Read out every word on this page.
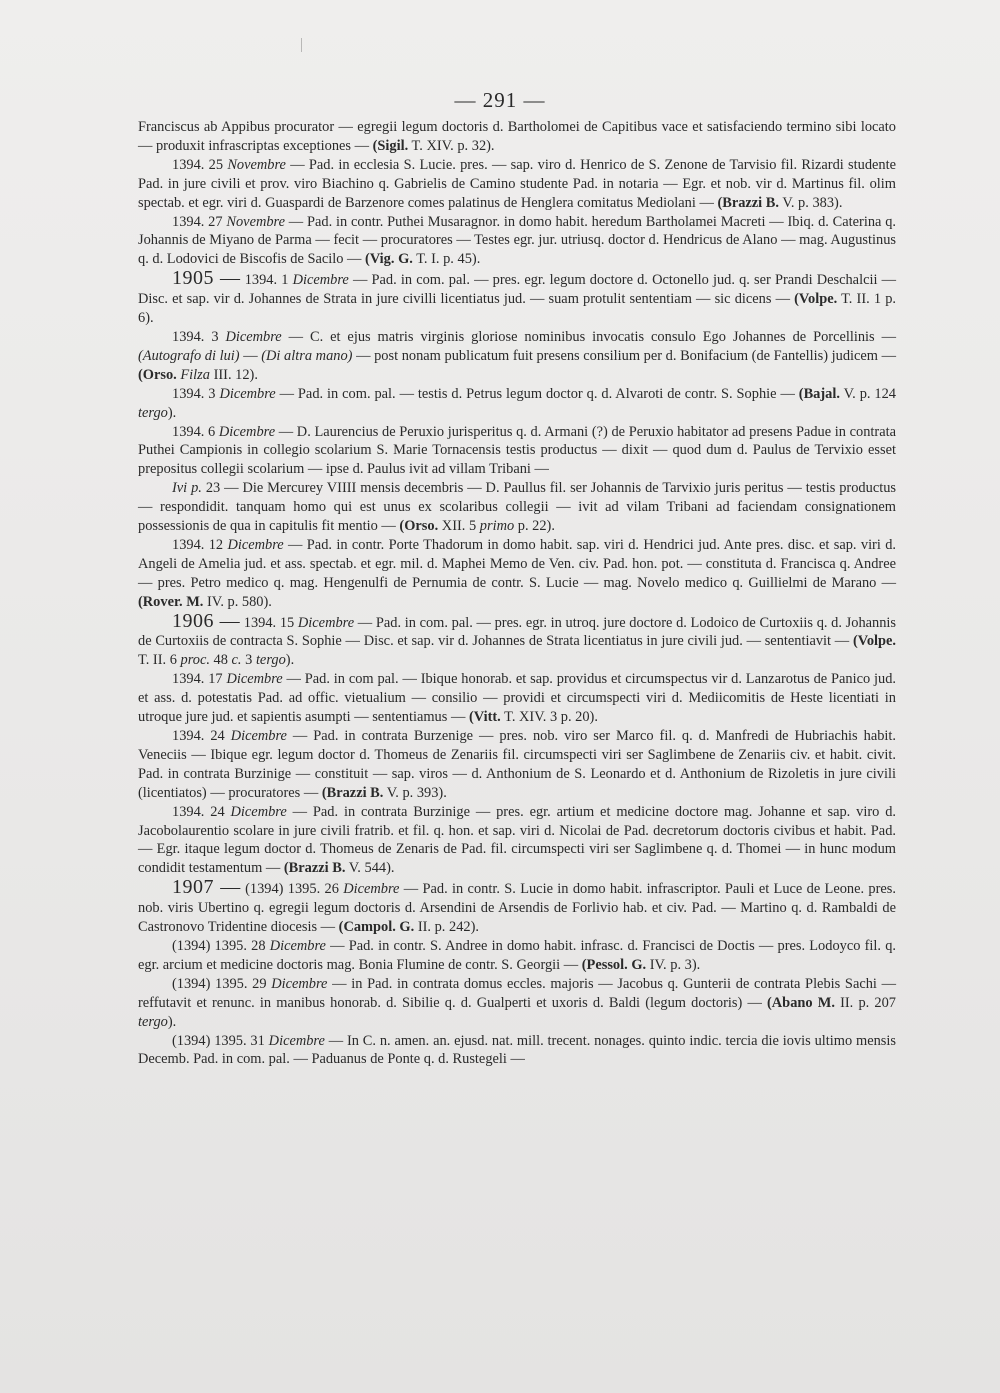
— 291 —

Franciscus ab Appibus procurator — egregii legum doctoris d. Bartholomei de Capitibus vace et satisfaciendo termino sibi locato — produxit infrascriptas exceptiones — (Sigil. T. XIV. p. 32).

1394. 25 Novembre — Pad. in ecclesia S. Lucie. pres. — sap. viro d. Henrico de S. Zenone de Tarvisio fil. Rizardi studente Pad. in jure civili et prov. viro Biachino q. Gabrielis de Camino studente Pad. in notaria — Egr. et nob. vir d. Martinus fil. olim spectab. et egr. viri d. Guaspardi de Barzenore comes palatinus de Henglera comitatus Mediolani — (Brazzi B. V. p. 383).

1394. 27 Novembre — Pad. in contr. Puthei Musaragnor. in domo habit. heredum Bartholamei Macreti — Ibiq. d. Caterina q. Johannis de Miyano de Parma — fecit — procuratores — Testes egr. jur. utriusq. doctor d. Hendricus de Alano — mag. Augustinus q. d. Lodovici de Biscofis de Sacilo — (Vig. G. T. I. p. 45).

1905 — 1394. 1 Dicembre — Pad. in com. pal. — pres. egr. legum doctore d. Octonello jud. q. ser Prandi Deschalcii — Disc. et sap. vir d. Johannes de Strata in jure civilli licentiatus jud. — suam protulit sententiam — sic dicens — (Volpe. T. II. 1 p. 6).

1394. 3 Dicembre — C. et ejus matris virginis gloriose nominibus invocatis consulo Ego Johannes de Porcellinis — (Autografo di lui) — (Di altra mano) — post nonam publicatum fuit presens consilium per d. Bonifacium (de Fantellis) judicem — (Orso. Filza III. 12).

1394. 3 Dicembre — Pad. in com. pal. — testis d. Petrus legum doctor q. d. Alvaroti de contr. S. Sophie — (Bajal. V. p. 124 tergo).

1394. 6 Dicembre — D. Laurencius de Peruxio jurisperitus q. d. Armani (?) de Peruxio habitator ad presens Padue in contrata Puthei Campionis in collegio scolarium S. Marie Tornacensis testis productus — dixit — quod dum d. Paulus de Tervixio esset prepositus collegii scolarium — ipse d. Paulus ivit ad villam Tribani —

Ivi p. 23 — Die Mercurey VIIII mensis decembris — D. Paullus fil. ser Johannis de Tarvixio juris peritus — testis productus — respondidit. tanquam homo qui est unus ex scolaribus collegii — ivit ad vilam Tribani ad faciendam consignationem possessionis de qua in capitulis fit mentio — (Orso. XII. 5 primo p. 22).

1394. 12 Dicembre — Pad. in contr. Porte Thadorum in domo habit. sap. viri d. Hendrici jud. Ante pres. disc. et sap. viri d. Angeli de Amelia jud. et ass. spectab. et egr. mil. d. Maphei Memo de Ven. civ. Pad. hon. pot. — constituta d. Francisca q. Andree — pres. Petro medico q. mag. Hengenulfi de Pernumia de contr. S. Lucie — mag. Novelo medico q. Guillielmi de Marano — (Rover. M. IV. p. 580).

1906 — 1394. 15 Dicembre — Pad. in com. pal. — pres. egr. in utroq. jure doctore d. Lodoico de Curtoxiis q. d. Johannis de Curtoxiis de contracta S. Sophie — Disc. et sap. vir d. Johannes de Strata licentiatus in jure civili jud. — sententiavit — (Volpe. T. II. 6 proc. 48 c. 3 tergo).

1394. 17 Dicembre — Pad. in com pal. — Ibique honorab. et sap. providus et circumspectus vir d. Lanzarotus de Panico jud. et ass. d. potestatis Pad. ad offic. vietualium — consilio — providi et circumspecti viri d. Mediicomitis de Heste licentiati in utroque jure jud. et sapientis asumpti — sententiamus — (Vitt. T. XIV. 3 p. 20).

1394. 24 Dicembre — Pad. in contrata Burzenige — pres. nob. viro ser Marco fil. q. d. Manfredi de Hubriachis habit. Veneciis — Ibique egr. legum doctor d. Thomeus de Zenariis fil. circumspecti viri ser Saglimbene de Zenariis civ. et habit. civit. Pad. in contrata Burzinige — constituit — sap. viros — d. Anthonium de S. Leonardo et d. Anthonium de Rizoletis in jure civili (licentiatos) — procuratores — (Brazzi B. V. p. 393).

1394. 24 Dicembre — Pad. in contrata Burzinige — pres. egr. artium et medicine doctore mag. Johanne et sap. viro d. Jacobolaurentio scolare in jure civili fratrib. et fil. q. hon. et sap. viri d. Nicolai de Pad. decretorum doctoris civibus et habit. Pad. — Egr. itaque legum doctor d. Thomeus de Zenaris de Pad. fil. circumspecti viri ser Saglimbene q. d. Thomei — in hunc modum condidit testamentum — (Brazzi B. V. 544).

1907 — (1394) 1395. 26 Dicembre — Pad. in contr. S. Lucie in domo habit. infrascriptor. Pauli et Luce de Leone. pres. nob. viris Ubertino q. egregii legum doctoris d. Arsendini de Arsendis de Forlivio hab. et civ. Pad. — Martino q. d. Rambaldi de Castronovo Tridentine diocesis — (Campol. G. II. p. 242).

(1394) 1395. 28 Dicembre — Pad. in contr. S. Andree in domo habit. infrasc. d. Francisci de Doctis — pres. Lodoyco fil. q. egr. arcium et medicine doctoris mag. Bonia Flumine de contr. S. Georgii — (Pessol. G. IV. p. 3).

(1394) 1395. 29 Dicembre — in Pad. in contrata domus eccles. majoris — Jacobus q. Gunterii de contrata Plebis Sachi — reffutavit et renunc. in manibus honorab. d. Sibilie q. d. Gualperti et uxoris d. Baldi (legum doctoris) — (Abano M. II. p. 207 tergo).

(1394) 1395. 31 Dicembre — In C. n. amen. an. ejusd. nat. mill. trecent. nonages. quinto indic. tercia die iovis ultimo mensis Decemb. Pad. in com. pal. — Paduanus de Ponte q. d. Rustegeli —
